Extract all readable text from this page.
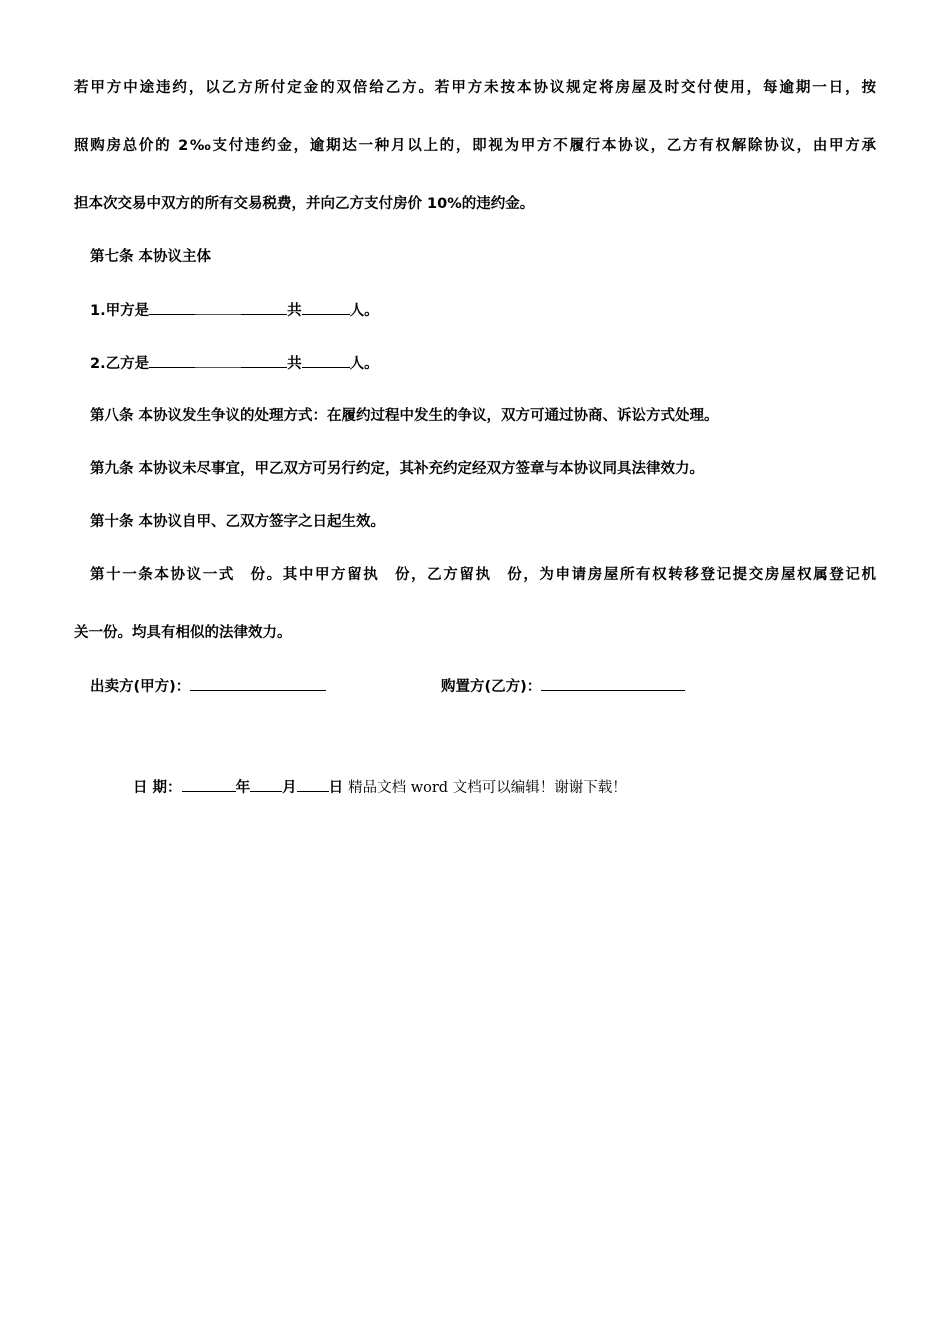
若甲方中途违约，以乙方所付定金的双倍给乙方。若甲方未按本协议规定将房屋及时交付使用，每逾期一日，按

照购房总价的 2‰支付违约金，逾期达一种月以上的，即视为甲方不履行本协议，乙方有权解除协议，由甲方承

担本次交易中双方的所有交易税费，并向乙方支付房价 10%的违约金。

第七条 本协议主体

1.甲方是	共	人。

2.乙方是	共	人。

第八条 本协议发生争议的处理方式：在履约过程中发生的争议，双方可通过协商、诉讼方式处理。

第九条 本协议未尽事宜，甲乙双方可另行约定，其补充约定经双方签章与本协议同具法律效力。

第十条 本协议自甲、乙双方签字之日起生效。

第十一条本协议一式 份。其中甲方留执 份，乙方留执 份，为申请房屋所有权转移登记提交房屋权属登记机

关一份。均具有相似的法律效力。

出卖方(甲方)：	购置方(乙方)：

日 期：	年 月 日 精品文档 word 文档可以编辑！谢谢下载！
